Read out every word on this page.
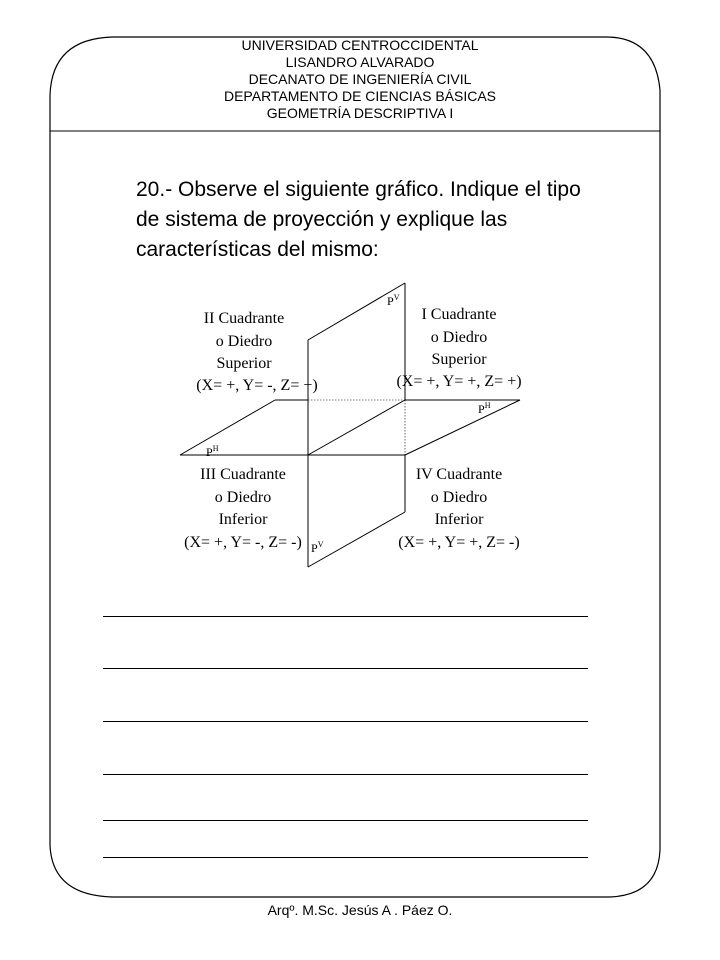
UNIVERSIDAD CENTROCCIDENTAL
LISANDRO ALVARADO
DECANATO DE INGENIERÍA CIVIL
DEPARTAMENTO DE CIENCIAS BÁSICAS
GEOMETRÍA DESCRIPTIVA I
20.- Observe el siguiente gráfico. Indique el tipo de sistema de proyección y explique las características del mismo:
$P^V$
$P^H$
$P^H$
$P^V$
II Cuadrante
o Diedro
Superior
(X= +, Y= -, Z= +)
I Cuadrante
o Diedro
Superior
(X= +, Y= +, Z= +)
III Cuadrante
o Diedro
Inferior
(X= +, Y= -, Z= -)
IV Cuadrante
o Diedro
Inferior
(X= +, Y= +, Z= -)
Arqº. M.Sc. Jesús A . Páez O.
